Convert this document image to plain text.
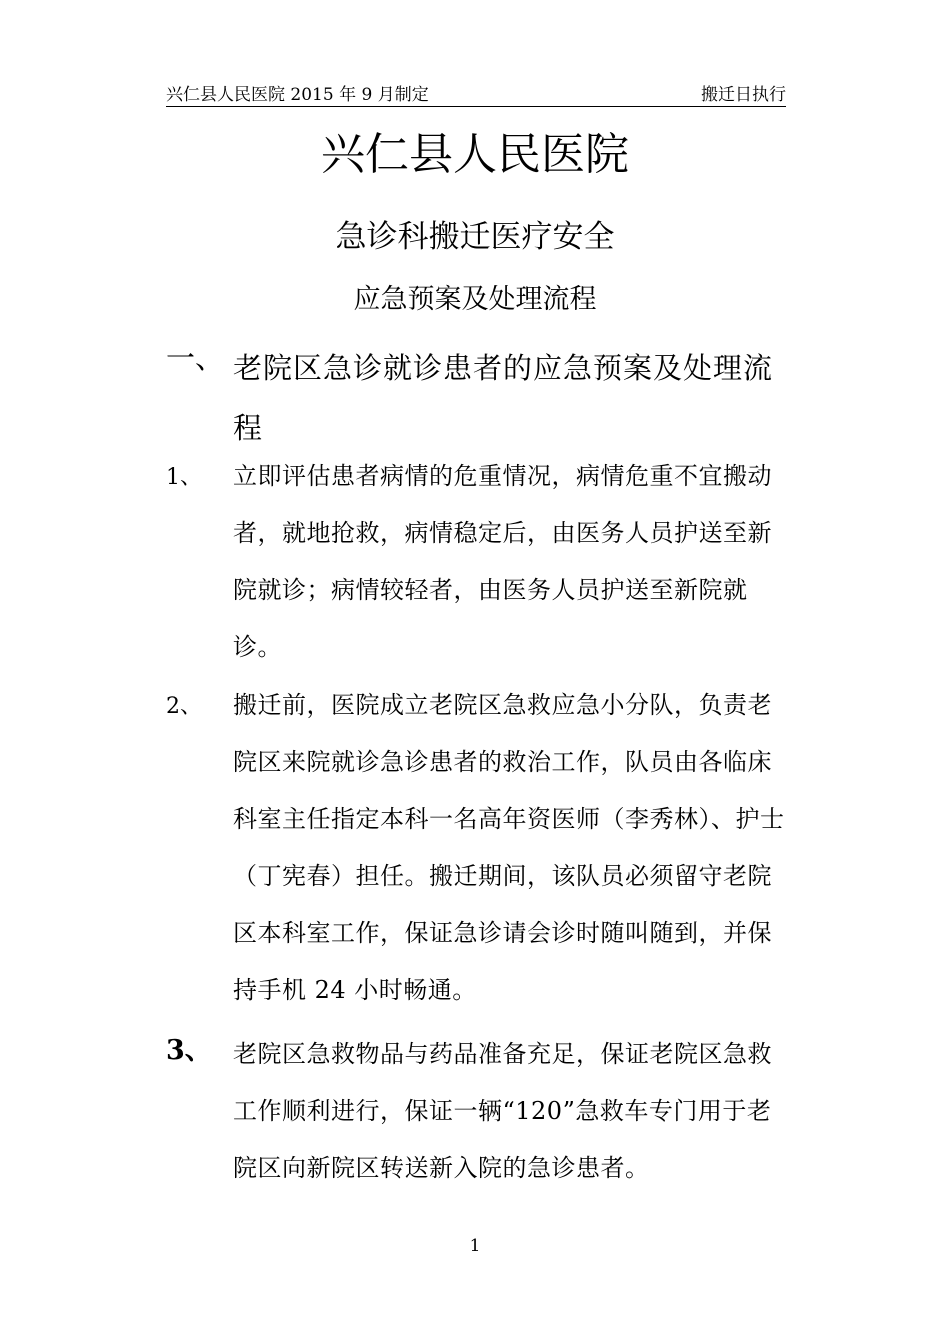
兴仁县人民医院 2015 年 9 月制定	搬迁日执行
兴仁县人民医院
急诊科搬迁医疗安全
应急预案及处理流程
一、 老院区急诊就诊患者的应急预案及处理流程
1、 立即评估患者病情的危重情况，病情危重不宜搬动者，就地抢救，病情稳定后，由医务人员护送至新院就诊；病情较轻者，由医务人员护送至新院就诊。
2、 搬迁前，医院成立老院区急救应急小分队，负责老院区来院就诊急诊患者的救治工作，队员由各临床科室主任指定本科一名高年资医师（李秀林）、护士（丁宪春）担任。搬迁期间，该队员必须留守老院区本科室工作，保证急诊请会诊时随叫随到，并保持手机 24 小时畅通。
3、 老院区急救物品与药品准备充足，保证老院区急救工作顺利进行，保证一辆“120”急救车专门用于老院区向新院区转送新入院的急诊患者。
1
